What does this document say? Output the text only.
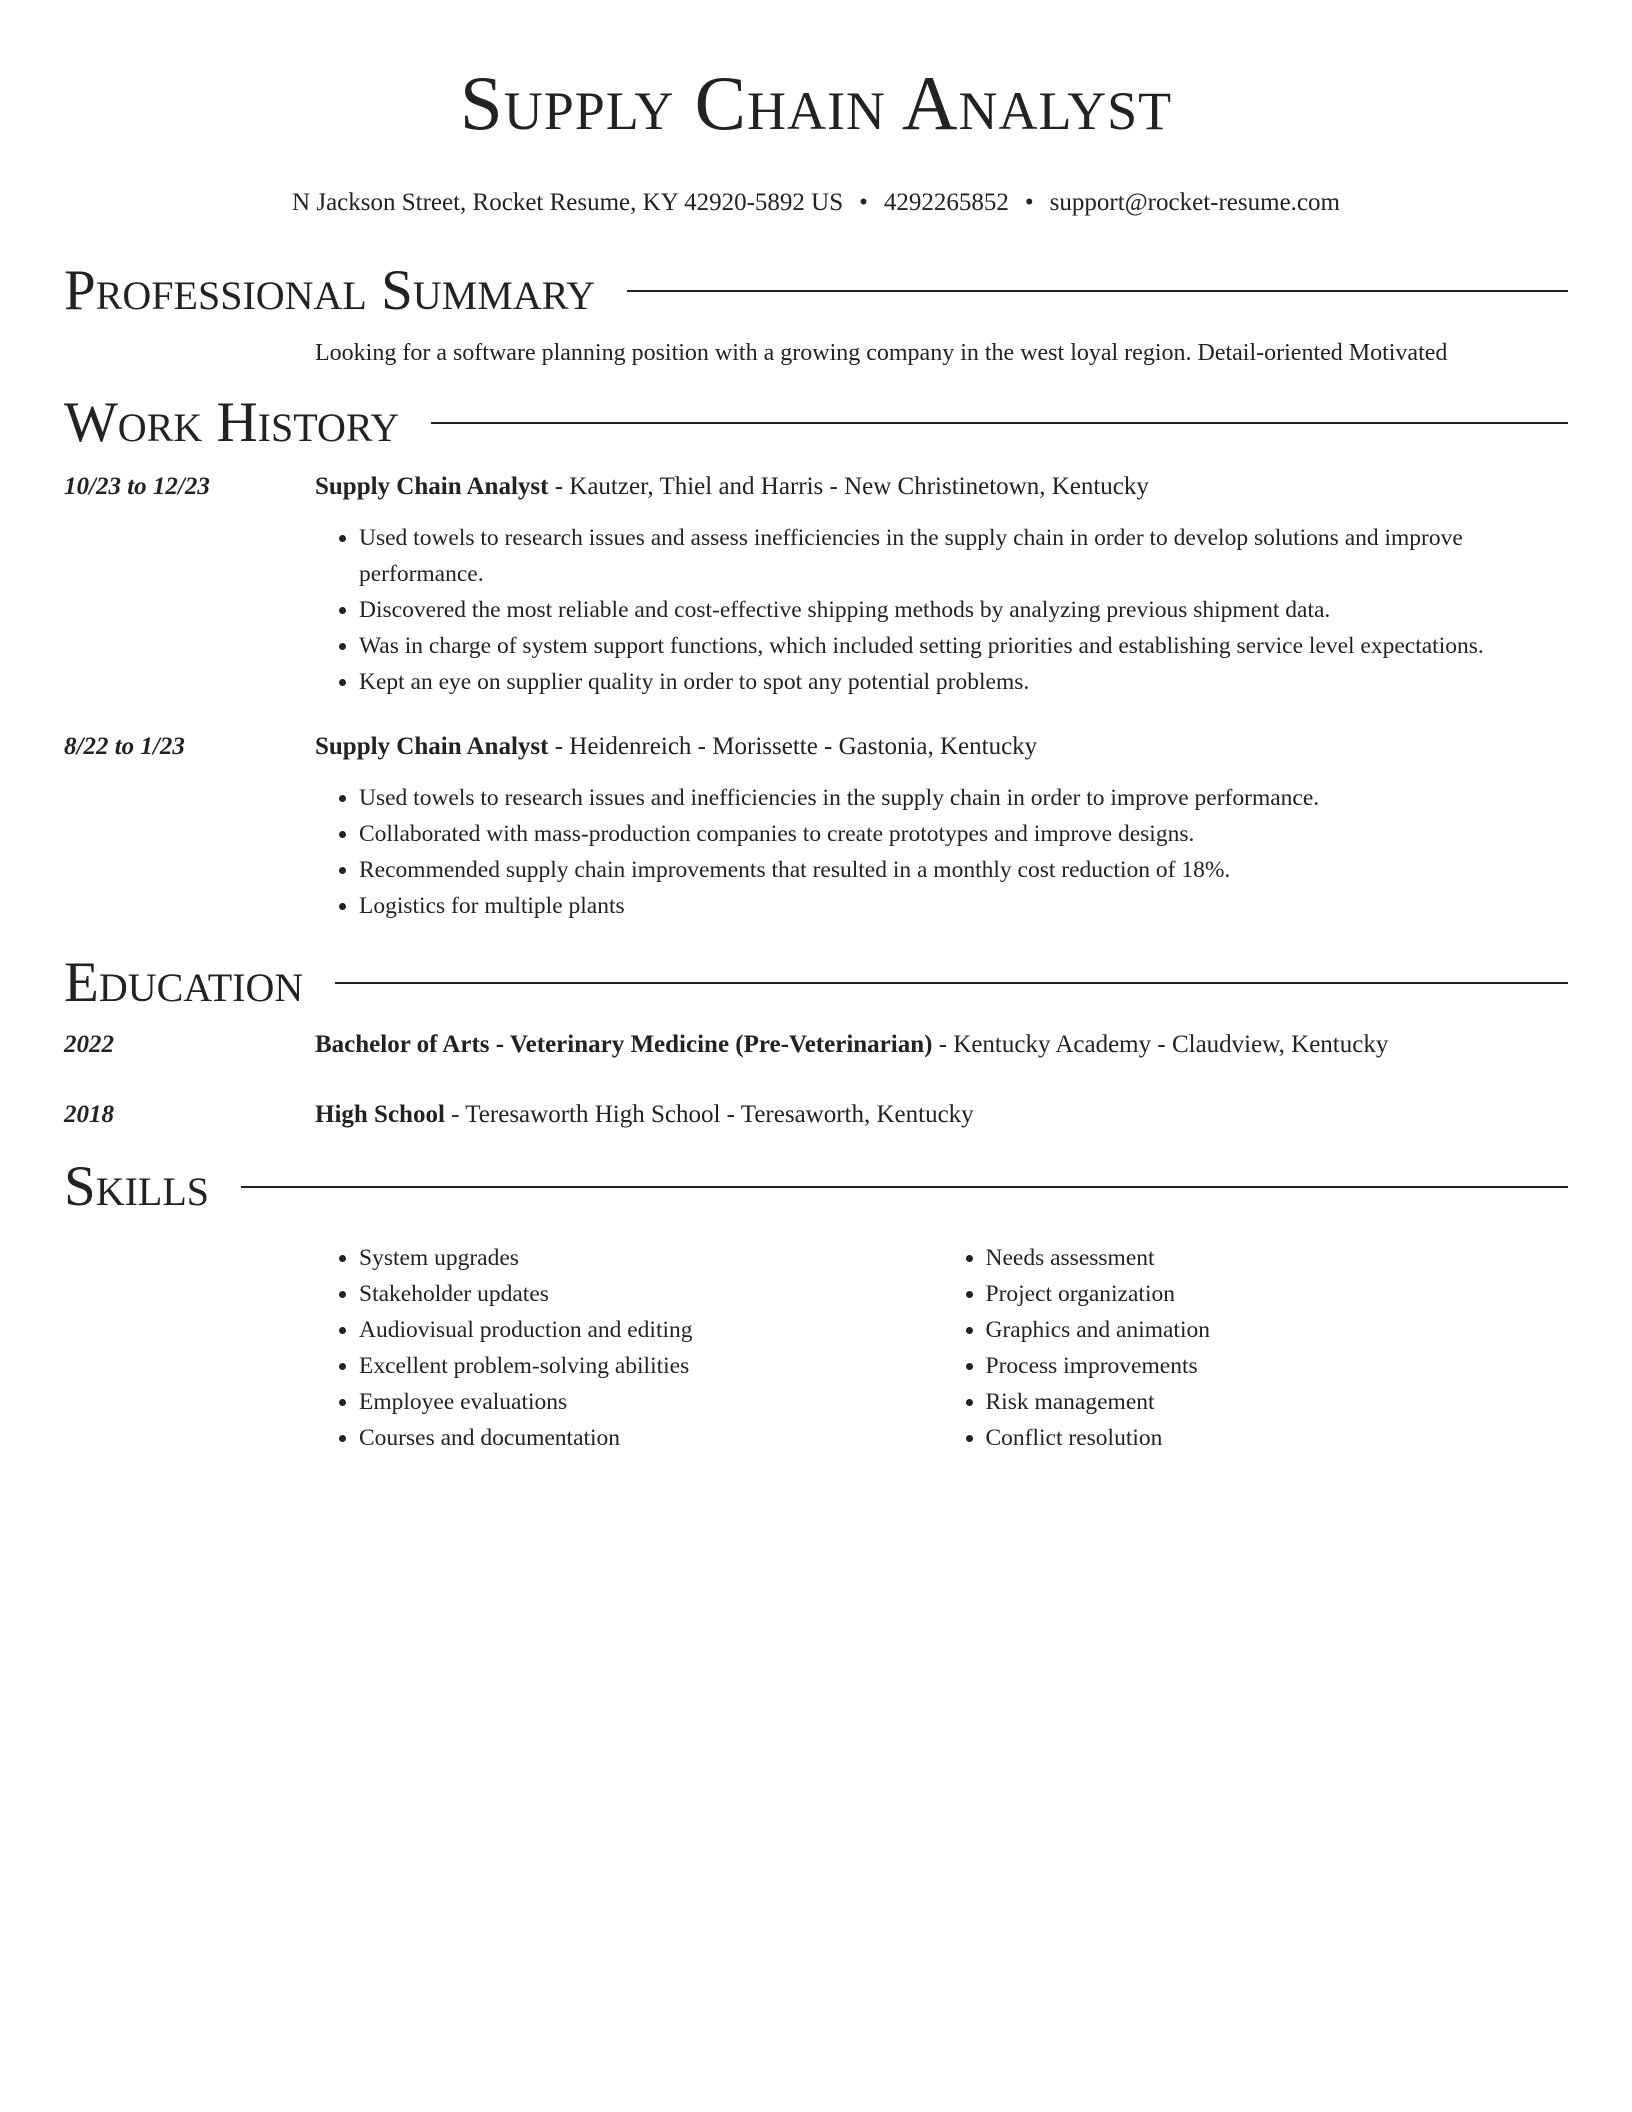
Supply Chain Analyst
N Jackson Street, Rocket Resume, KY 42920-5892 US • 4292265852 • support@rocket-resume.com
Professional Summary
Looking for a software planning position with a growing company in the west loyal region. Detail-oriented Motivated
Work History
10/23 to 12/23	Supply Chain Analyst - Kautzer, Thiel and Harris - New Christinetown, Kentucky
• Used towels to research issues and assess inefficiencies in the supply chain in order to develop solutions and improve performance.
• Discovered the most reliable and cost-effective shipping methods by analyzing previous shipment data.
• Was in charge of system support functions, which included setting priorities and establishing service level expectations.
• Kept an eye on supplier quality in order to spot any potential problems.
8/22 to 1/23	Supply Chain Analyst - Heidenreich - Morissette - Gastonia, Kentucky
• Used towels to research issues and inefficiencies in the supply chain in order to improve performance.
• Collaborated with mass-production companies to create prototypes and improve designs.
• Recommended supply chain improvements that resulted in a monthly cost reduction of 18%.
• Logistics for multiple plants
Education
2022	Bachelor of Arts - Veterinary Medicine (Pre-Veterinarian) - Kentucky Academy - Claudview, Kentucky
2018	High School - Teresaworth High School - Teresaworth, Kentucky
Skills
• System upgrades
• Stakeholder updates
• Audiovisual production and editing
• Excellent problem-solving abilities
• Employee evaluations
• Courses and documentation
• Needs assessment
• Project organization
• Graphics and animation
• Process improvements
• Risk management
• Conflict resolution
